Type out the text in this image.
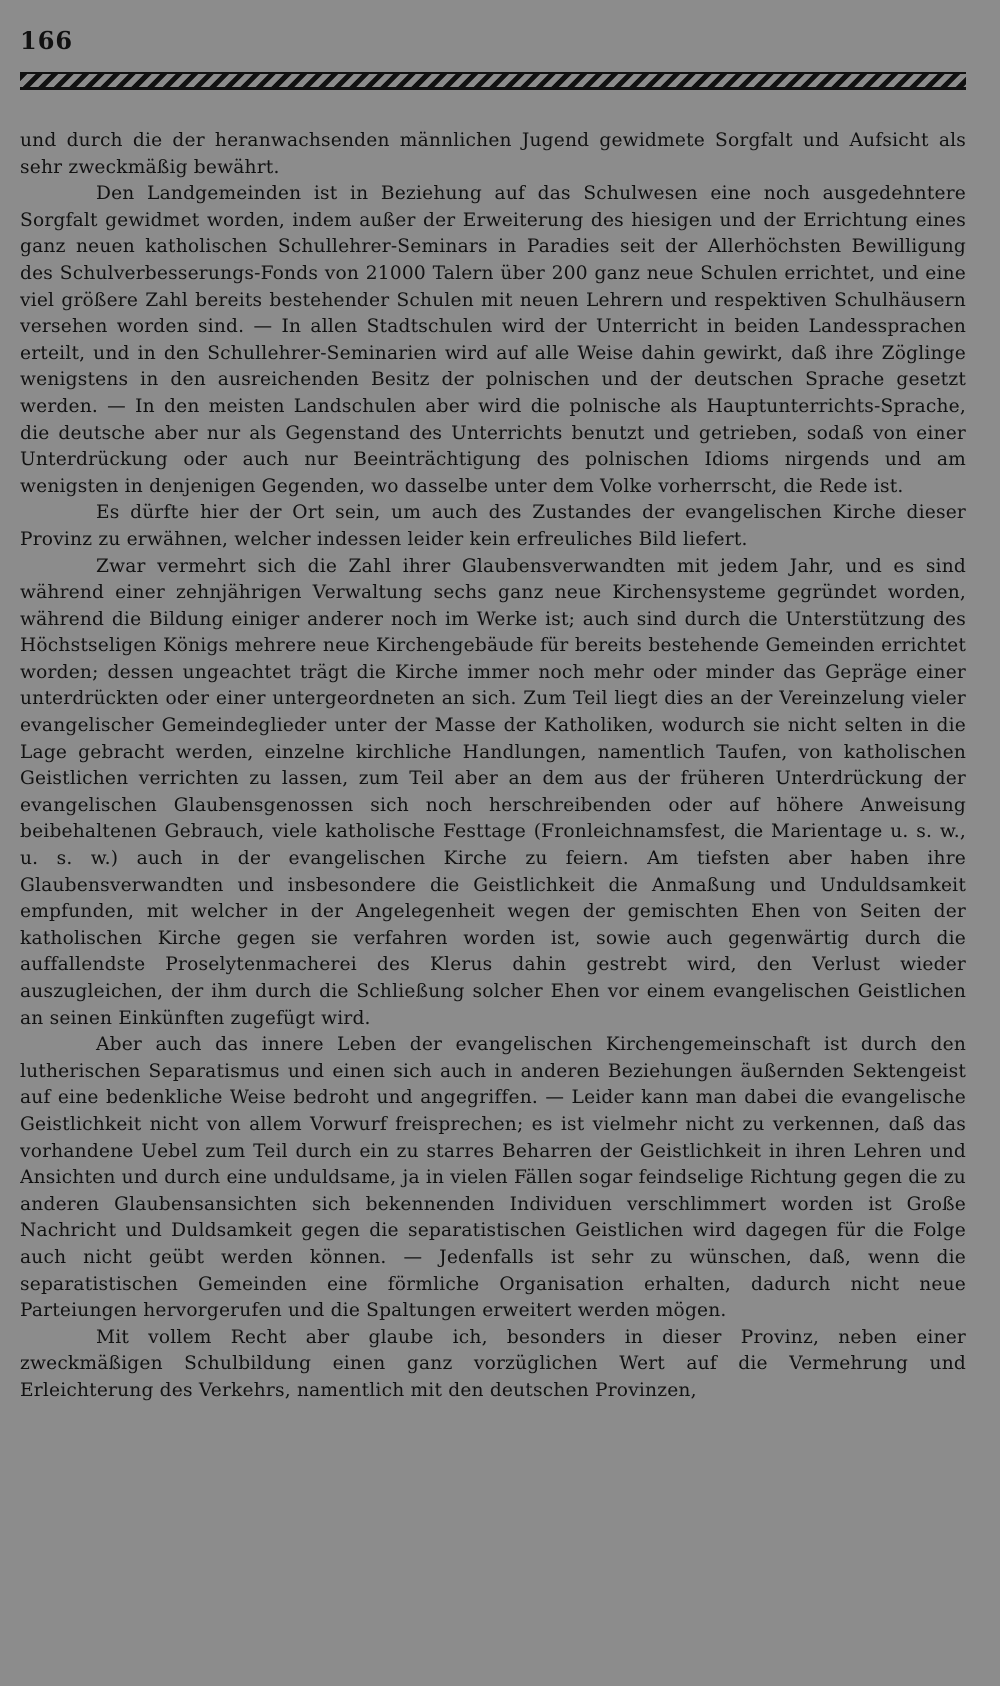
166

und durch die der heranwachsenden männlichen Jugend gewidmete Sorgfalt und Aufsicht als sehr zweckmäßig bewährt.

Den Landgemeinden ist in Beziehung auf das Schulwesen eine noch ausgedehntere Sorgfalt gewidmet worden, indem außer der Erweiterung des hiesigen und der Errichtung eines ganz neuen katholischen Schullehrer-Seminars in Paradies seit der Allerhöchsten Bewilligung des Schulverbesserungs-Fonds von 21000 Talern über 200 ganz neue Schulen errichtet, und eine viel größere Zahl bereits bestehender Schulen mit neuen Lehrern und respektiven Schulhäusern versehen worden sind. — In allen Stadtschulen wird der Unterricht in beiden Landessprachen erteilt, und in den Schullehrer-Seminarien wird auf alle Weise dahin gewirkt, daß ihre Zöglinge wenigstens in den ausreichenden Besitz der polnischen und der deutschen Sprache gesetzt werden. — In den meisten Landschulen aber wird die polnische als Hauptunterrichts-Sprache, die deutsche aber nur als Gegenstand des Unterrichts benutzt und getrieben, sodaß von einer Unterdrückung oder auch nur Beeinträchtigung des polnischen Idioms nirgends und am wenigsten in denjenigen Gegenden, wo dasselbe unter dem Volke vorherrscht, die Rede ist.

Es dürfte hier der Ort sein, um auch des Zustandes der evangelischen Kirche dieser Provinz zu erwähnen, welcher indessen leider kein erfreuliches Bild liefert.

Zwar vermehrt sich die Zahl ihrer Glaubensverwandten mit jedem Jahr, und es sind während einer zehnjährigen Verwaltung sechs ganz neue Kirchensysteme gegründet worden, während die Bildung einiger anderer noch im Werke ist; auch sind durch die Unterstützung des Höchstseligen Königs mehrere neue Kirchengebäude für bereits bestehende Gemeinden errichtet worden; dessen ungeachtet trägt die Kirche immer noch mehr oder minder das Gepräge einer unterdrückten oder einer untergeordneten an sich. Zum Teil liegt dies an der Vereinzelung vieler evangelischer Gemeindeglieder unter der Masse der Katholiken, wodurch sie nicht selten in die Lage gebracht werden, einzelne kirchliche Handlungen, namentlich Taufen, von katholischen Geistlichen verrichten zu lassen, zum Teil aber an dem aus der früheren Unterdrückung der evangelischen Glaubensgenossen sich noch herschreibenden oder auf höhere Anweisung beibehaltenen Gebrauch, viele katholische Festtage (Fronleichnamsfest, die Marientage u. s. w., u. s. w.) auch in der evangelischen Kirche zu feiern. Am tiefsten aber haben ihre Glaubensverwandten und insbesondere die Geistlichkeit die Anmaßung und Unduldsamkeit empfunden, mit welcher in der Angelegenheit wegen der gemischten Ehen von Seiten der katholischen Kirche gegen sie verfahren worden ist, sowie auch gegenwärtig durch die auffallendste Proselytenmacherei des Klerus dahin gestrebt wird, den Verlust wieder auszugleichen, der ihm durch die Schließung solcher Ehen vor einem evangelischen Geistlichen an seinen Einkünften zugefügt wird.

Aber auch das innere Leben der evangelischen Kirchengemeinschaft ist durch den lutherischen Separatismus und einen sich auch in anderen Beziehungen äußernden Sektengeist auf eine bedenkliche Weise bedroht und angegriffen. — Leider kann man dabei die evangelische Geistlichkeit nicht von allem Vorwurf freisprechen; es ist vielmehr nicht zu verkennen, daß das vorhandene Uebel zum Teil durch ein zu starres Beharren der Geistlichkeit in ihren Lehren und Ansichten und durch eine unduldsame, ja in vielen Fällen sogar feindselige Richtung gegen die zu anderen Glaubensansichten sich bekennenden Individuen verschlimmert worden ist Große Nachricht und Duldsamkeit gegen die separatistischen Geistlichen wird dagegen für die Folge auch nicht geübt werden können. — Jedenfalls ist sehr zu wünschen, daß, wenn die separatistischen Gemeinden eine förmliche Organisation erhalten, dadurch nicht neue Parteiungen hervorgerufen und die Spaltungen erweitert werden mögen.

Mit vollem Recht aber glaube ich, besonders in dieser Provinz, neben einer zweckmäßigen Schulbildung einen ganz vorzüglichen Wert auf die Vermehrung und Erleichterung des Verkehrs, namentlich mit den deutschen Provinzen,
